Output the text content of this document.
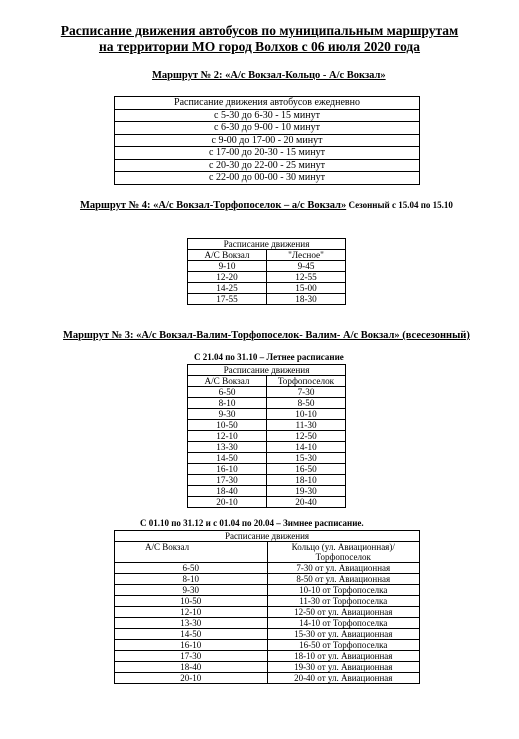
Расписание движения автобусов по муниципальным маршрутам
на территории МО город Волхов с 06 июля 2020 года
Маршрут № 2: «А/с Вокзал-Кольцо - А/с Вокзал»
Расписание движения автобусов ежедневно
с 5-30 до 6-30 - 15 минут
с 6-30 до 9-00 - 10 минут
с 9-00 до 17-00 - 20 минут
с 17-00 до 20-30 - 15 минут
с 20-30 до 22-00 - 25 минут
с 22-00 до 00-00 - 30 минут
Маршрут № 4: «А/с Вокзал-Торфопоселок – а/с Вокзал» Сезонный с 15.04 по 15.10
Расписание движения	
А/С Вокзал	"Лесное"
9-10	9-45
12-20	12-55
14-25	15-00
17-55	18-30
Маршрут № 3: «А/с Вокзал-Валим-Торфопоселок- Валим- А/с Вокзал» (всесезонный)
С 21.04 по 31.10 – Летнее расписание
Расписание движения	
А/С Вокзал	Торфопоселок
6-50	7-30
8-10	8-50
9-30	10-10
10-50	11-30
12-10	12-50
13-30	14-10
14-50	15-30
16-10	16-50
17-30	18-10
18-40	19-30
20-10	20-40
С 01.10 по 31.12 и с 01.04 по 20.04 – Зимнее расписание.
Расписание движения	
А/С Вокзал	Кольцо (ул. Авиационная)/
	Торфопоселок
6-50	7-30 от ул. Авиационная
8-10	8-50 от ул. Авиационная
9-30	10-10 от Торфопоселка
10-50	11-30 от Торфопоселка
12-10	12-50 от ул. Авиационная
13-30	14-10 от Торфопоселка
14-50	15-30 от ул. Авиационная
16-10	16-50 от Торфопоселка
17-30	18-10 от ул. Авиационная
18-40	19-30 от ул. Авиационная
20-10	20-40 от ул. Авиационная
